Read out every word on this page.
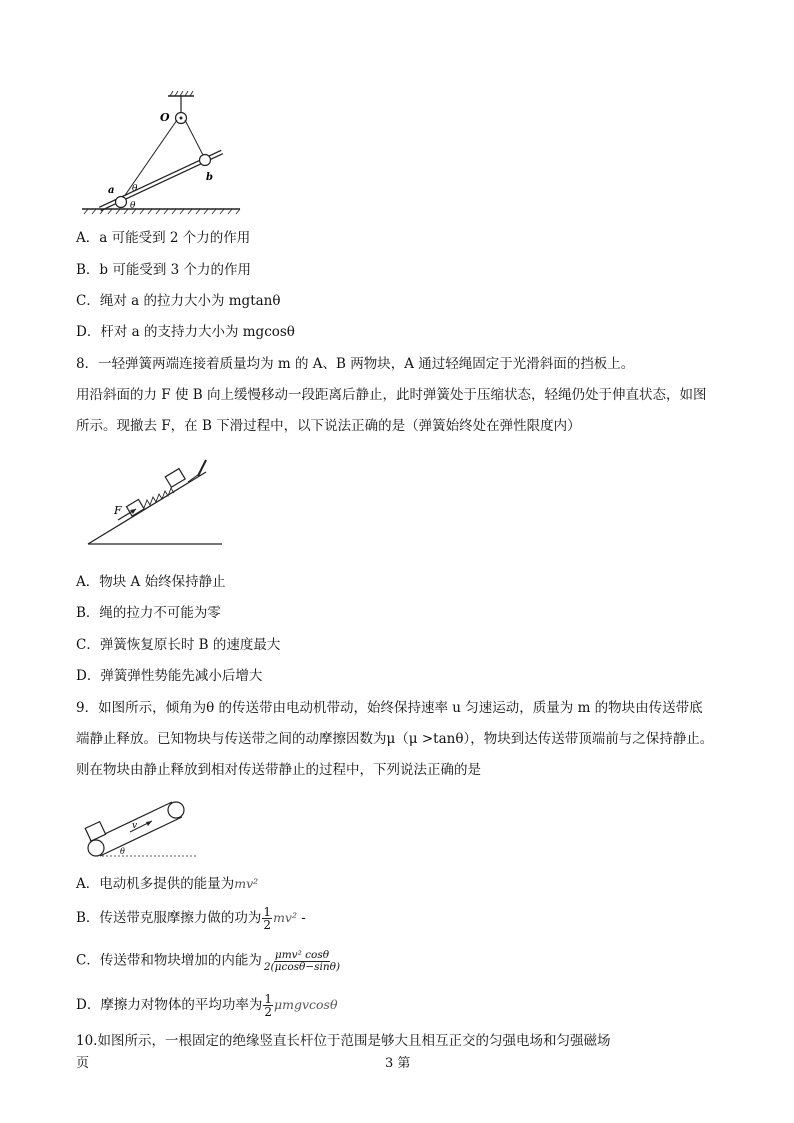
O
a
b
θ
θ
A．a 可能受到 2 个力的作用
B．b 可能受到 3 个力的作用
C．绳对 a 的拉力大小为 mgtanθ
D．杆对 a 的支持力大小为 mgcosθ
8．一轻弹簧两端连接着质量均为 m 的 A、B 两物块，A 通过轻绳固定于光滑斜面的挡板上。
用沿斜面的力 F 使 B 向上缓慢移动一段距离后静止，此时弹簧处于压缩状态，轻绳仍处于伸直状态，如图
所示。现撤去 F，在 B 下滑过程中，以下说法正确的是（弹簧始终处在弹性限度内）
F
A．物块 A 始终保持静止
B．绳的拉力不可能为零
C．弹簧恢复原长时 B 的速度最大
D．弹簧弹性势能先减小后增大
9．如图所示，倾角为θ 的传送带由电动机带动，始终保持速率 u 匀速运动，质量为 m 的物块由传送带底
端静止释放。已知物块与传送带之间的动摩擦因数为μ（μ >tanθ），物块到达传送带顶端前与之保持静止。
则在物块由静止释放到相对传送带静止的过程中，下列说法正确的是
v
θ
A．电动机多提供的能量为mv²
B．传送带克服摩擦力做的功为 $\frac{1}{2} mv^2$ -
C．传送带和物块增加的内能为 $\frac{\text{μmv² cosθ}}{2(\mu\cos\theta-\sin\theta)}$
D．摩擦力对物体的平均功率为 $\frac{1}{2}$ μmgvcosθ
10.如图所示，一根固定的绝缘竖直长杆位于范围是够大且相互正交的匀强电场和匀强磁场
页	3 第
